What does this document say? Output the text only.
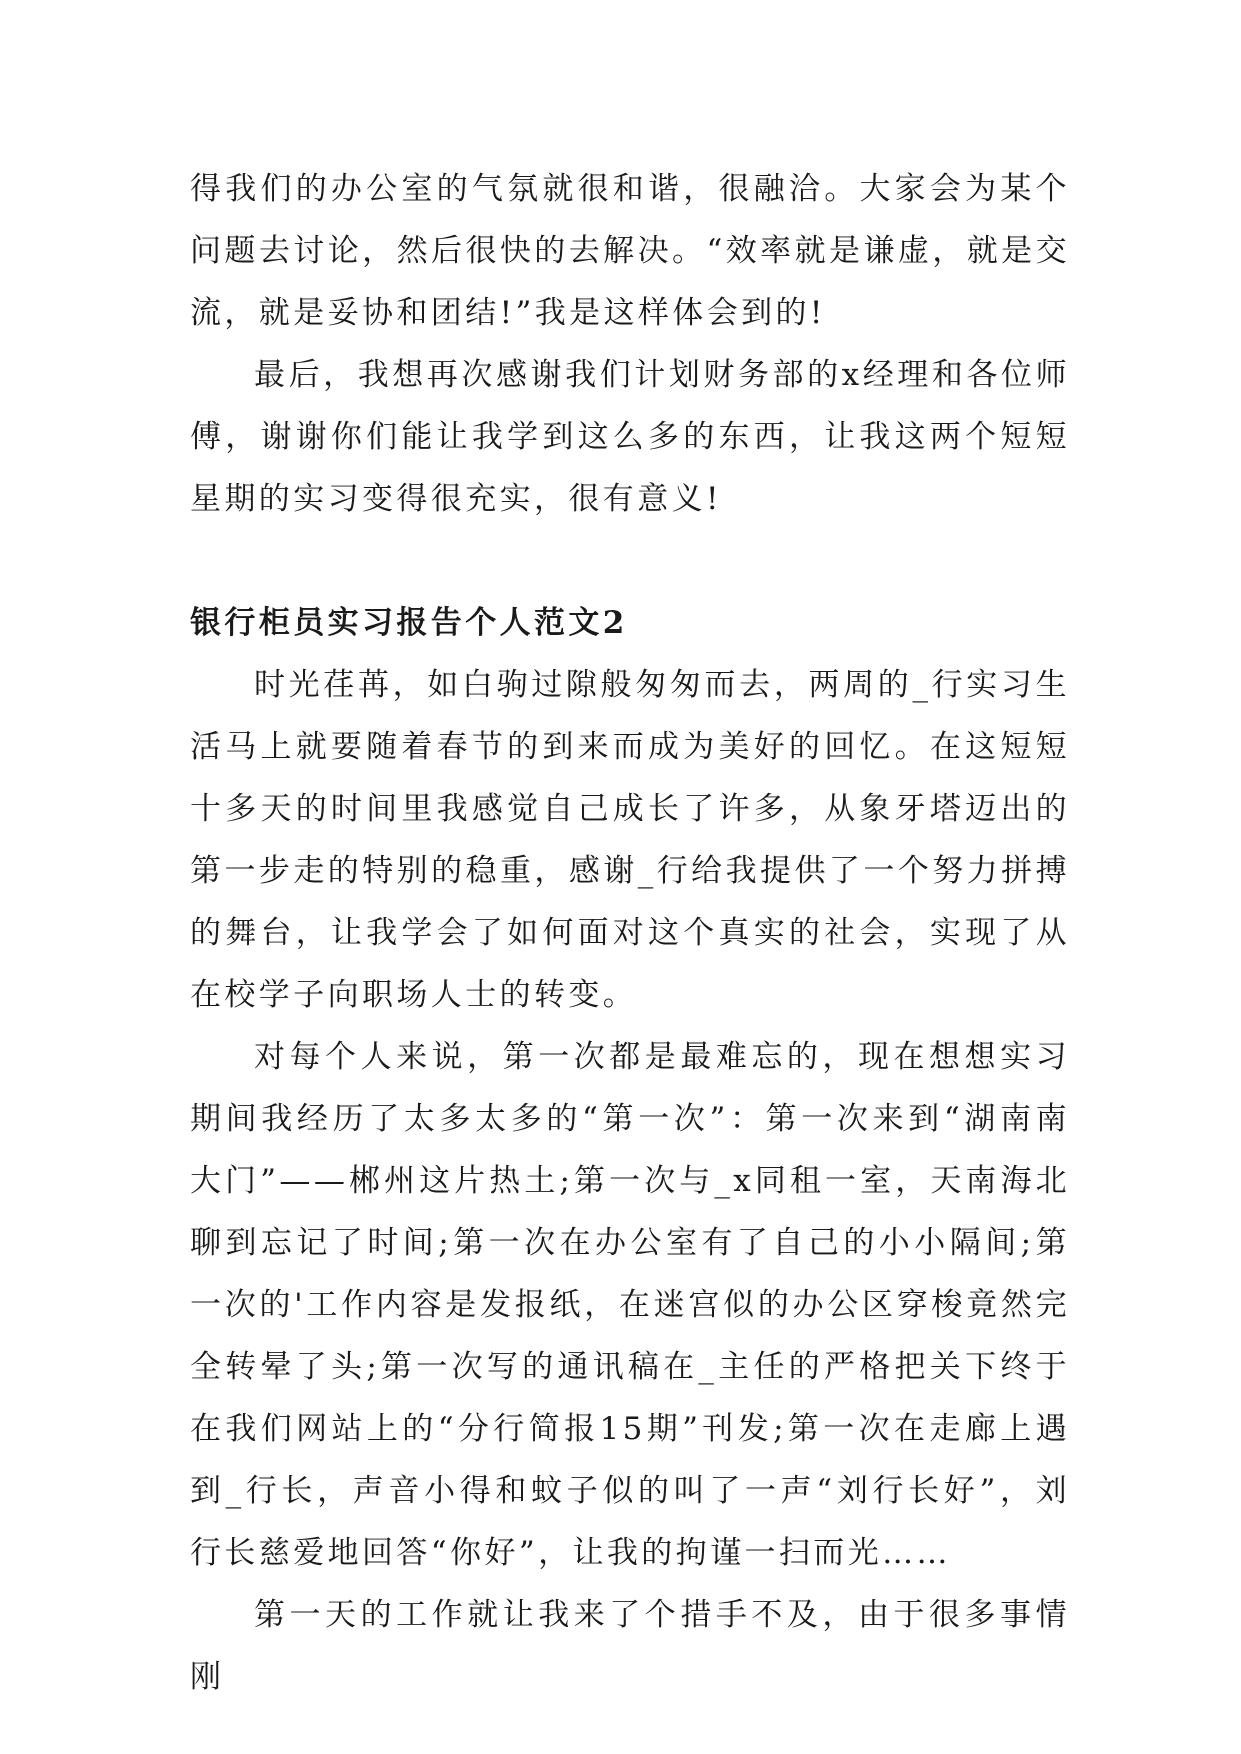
得我们的办公室的气氛就很和谐，很融洽。大家会为某个问题去讨论，然后很快的去解决。“效率就是谦虚，就是交流，就是妥协和团结!”我是这样体会到的!

最后，我想再次感谢我们计划财务部的x经理和各位师傅，谢谢你们能让我学到这么多的东西，让我这两个短短星期的实习变得很充实，很有意义!

银行柜员实习报告个人范文2

时光荏苒，如白驹过隙般匆匆而去，两周的_行实习生活马上就要随着春节的到来而成为美好的回忆。在这短短十多天的时间里我感觉自己成长了许多，从象牙塔迈出的第一步走的特别的稳重，感谢_行给我提供了一个努力拼搏的舞台，让我学会了如何面对这个真实的社会，实现了从在校学子向职场人士的转变。

对每个人来说，第一次都是最难忘的，现在想想实习期间我经历了太多太多的“第一次”：第一次来到“湖南南大门”——郴州这片热土;第一次与_x同租一室，天南海北聊到忘记了时间;第一次在办公室有了自己的小小隔间;第一次的'工作内容是发报纸，在迷宫似的办公区穿梭竟然完全转晕了头;第一次写的通讯稿在_主任的严格把关下终于在我们网站上的“分行简报15期”刊发;第一次在走廊上遇到_行长，声音小得和蚊子似的叫了一声“刘行长好”，刘行长慈爱地回答“你好”，让我的拘谨一扫而光……

第一天的工作就让我来了个措手不及，由于很多事情刚
